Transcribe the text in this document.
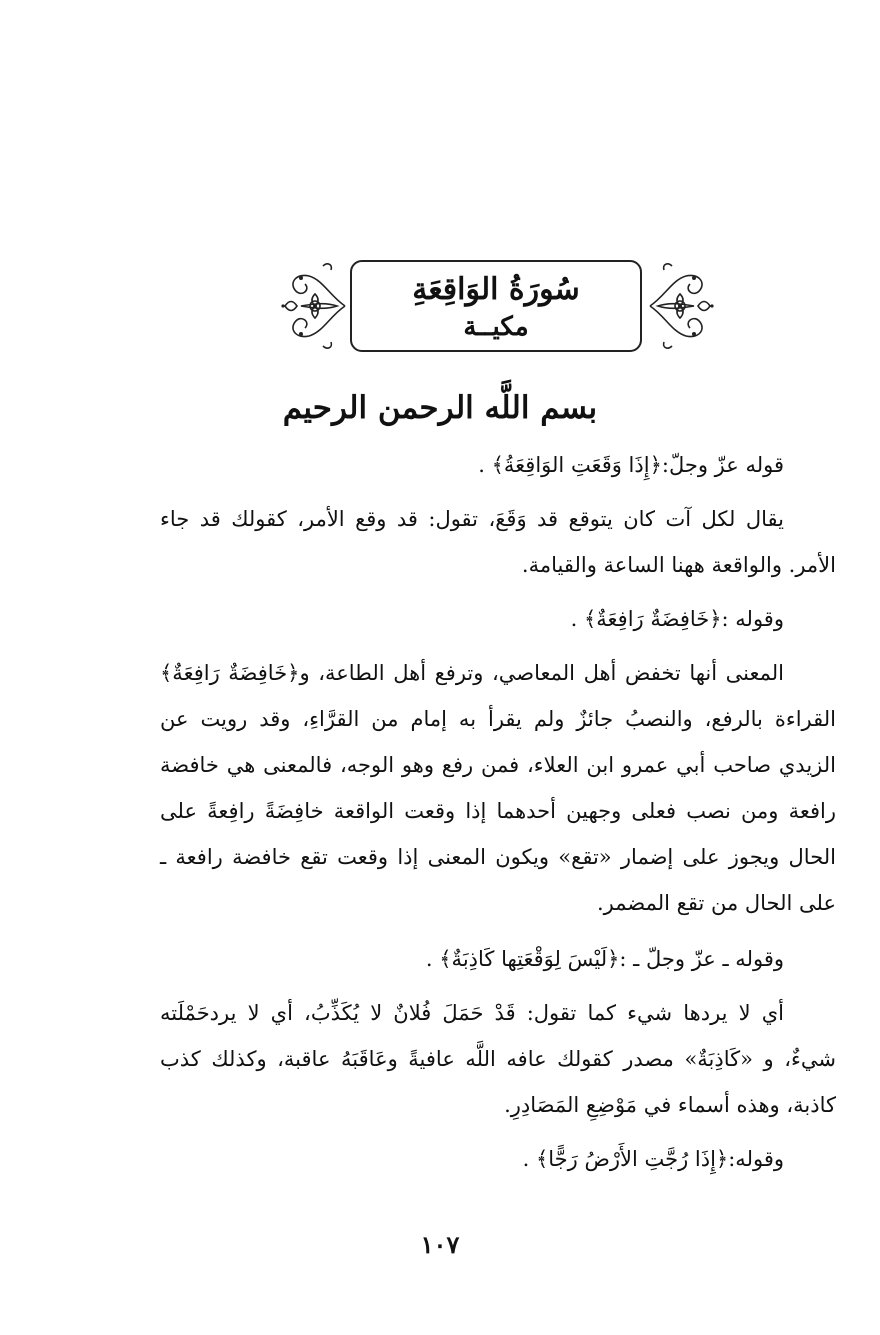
سُورَةُ الوَاقِعَةِ
مكيــة
بسم اللَّه الرحمن الرحيم

قوله عزّ وجلّ:﴿إِذَا وَقَعَتِ الوَاقِعَةُ﴾ .

يقال لكل آت كان يتوقع قد وَقَعَ، تقول: قد وقع الأمر، كقولك قد جاء الأمر. والواقعة ههنا الساعة والقيامة.

وقوله :﴿خَافِضَةٌ رَافِعَةٌ﴾ .

المعنى أنها تخفض أهل المعاصي، وترفع أهل الطاعة، و﴿خَافِضَةٌ رَافِعَةٌ﴾ القراءة بالرفع، والنصبُ جائزٌ ولم يقرأ به إمام من القرَّاءِ، وقد رويت عن الزيدي صاحب أبي عمرو ابن العلاء، فمن رفع وهو الوجه، فالمعنى هي خافضة رافعة ومن نصب فعلى وجهين أحدهما إذا وقعت الواقعة خافِضَةً رافِعةً على الحال ويجوز على إضمار «تقع» ويكون المعنى إذا وقعت تقع خافضة رافعة ـ على الحال من تقع المضمر.

وقوله ـ عزّ وجلّ ـ :﴿لَيْسَ لِوَقْعَتِها كَاذِبَةٌ﴾ .

أي لا يردها شيء كما تقول: قَدْ حَمَلَ فُلانٌ لا يُكَذِّبُ، أي لا يردحَمْلَته شيءٌ، و «كَاذِبَةٌ» مصدر كقولك عافه اللَّه عافيةً وعَاقَبَهُ عاقبة، وكذلك كذب كاذبة، وهذه أسماء في مَوْضِعِ المَصَادِرِ.

وقوله:﴿إِذَا رُجَّتِ الأَرْضُ رَجًّا﴾ .

١٠٧
